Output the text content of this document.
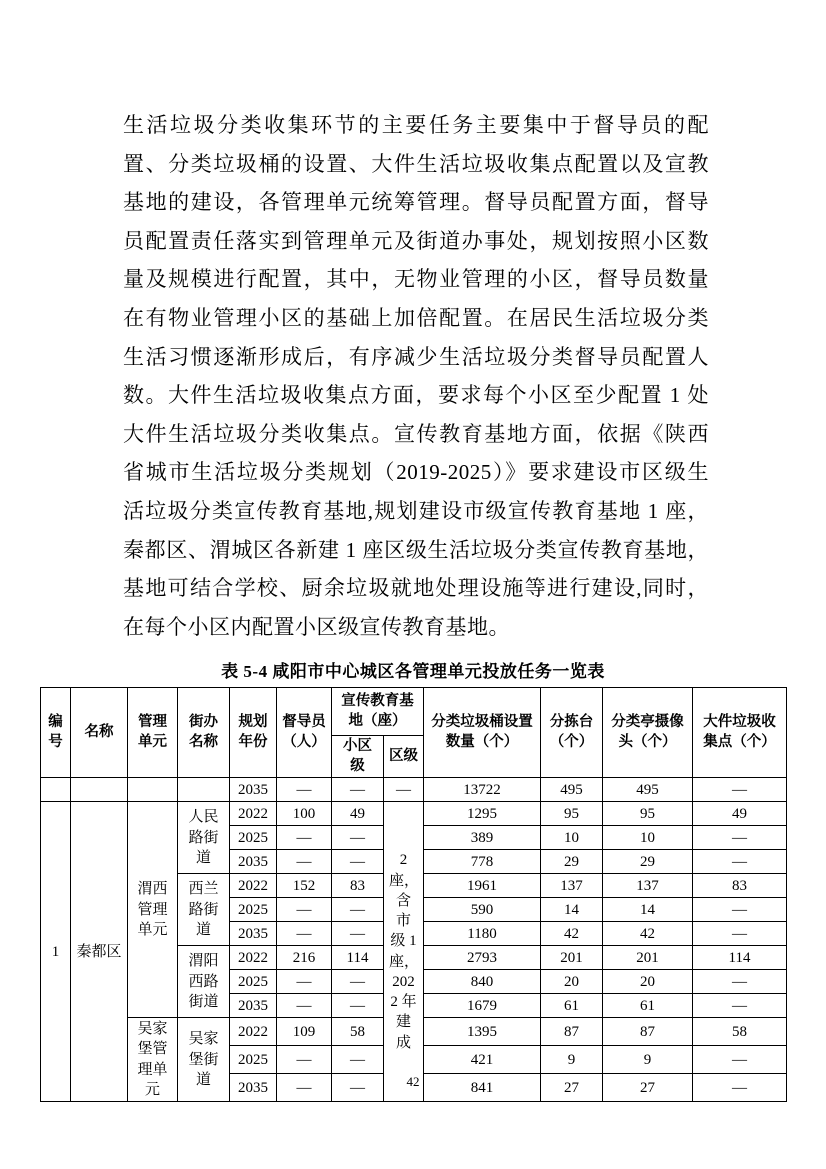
生活垃圾分类收集环节的主要任务主要集中于督导员的配
置、分类垃圾桶的设置、大件生活垃圾收集点配置以及宣教
基地的建设，各管理单元统筹管理。督导员配置方面，督导
员配置责任落实到管理单元及街道办事处，规划按照小区数
量及规模进行配置，其中，无物业管理的小区，督导员数量
在有物业管理小区的基础上加倍配置。在居民生活垃圾分类
生活习惯逐渐形成后，有序减少生活垃圾分类督导员配置人
数。大件生活垃圾收集点方面，要求每个小区至少配置 1 处
大件生活垃圾分类收集点。宣传教育基地方面，依据《陕西
省城市生活垃圾分类规划（2019-2025）》要求建设市区级生
活垃圾分类宣传教育基地,规划建设市级宣传教育基地 1 座，
秦都区、渭城区各新建 1 座区级生活垃圾分类宣传教育基地，
基地可结合学校、厨余垃圾就地处理设施等进行建设,同时，
在每个小区内配置小区级宣传教育基地。
表 5-4 咸阳市中心城区各管理单元投放任务一览表
编号	名称	管理单元	街办名称	规划年份	督导员（人）	宣传教育基地（座）		分类垃圾桶设置数量（个）	分拣台（个）	分类亭摄像头（个）	大件垃圾收集点（个）
						小区级	区级				
				2035	—	—	—	13722	495	495	—
1	秦都区	渭西管理单元	人民路街道	2022	100	49	2 座，含市级 1 座，2022 年建成	1295	95	95	49
				2025	—	—		389	10	10	—
				2035	—	—		778	29	29	—
			西兰路街道	2022	152	83		1961	137	137	83
				2025	—	—		590	14	14	—
				2035	—	—		1180	42	42	—
			渭阳西路街道	2022	216	114		2793	201	201	114
				2025	—	—		840	20	20	—
				2035	—	—		1679	61	61	—
		吴家堡管理单元	吴家堡街道	2022	109	58		1395	87	87	58
				2025	—	—		421	9	9	—
				2035	—	—		841	27	27	—
42
